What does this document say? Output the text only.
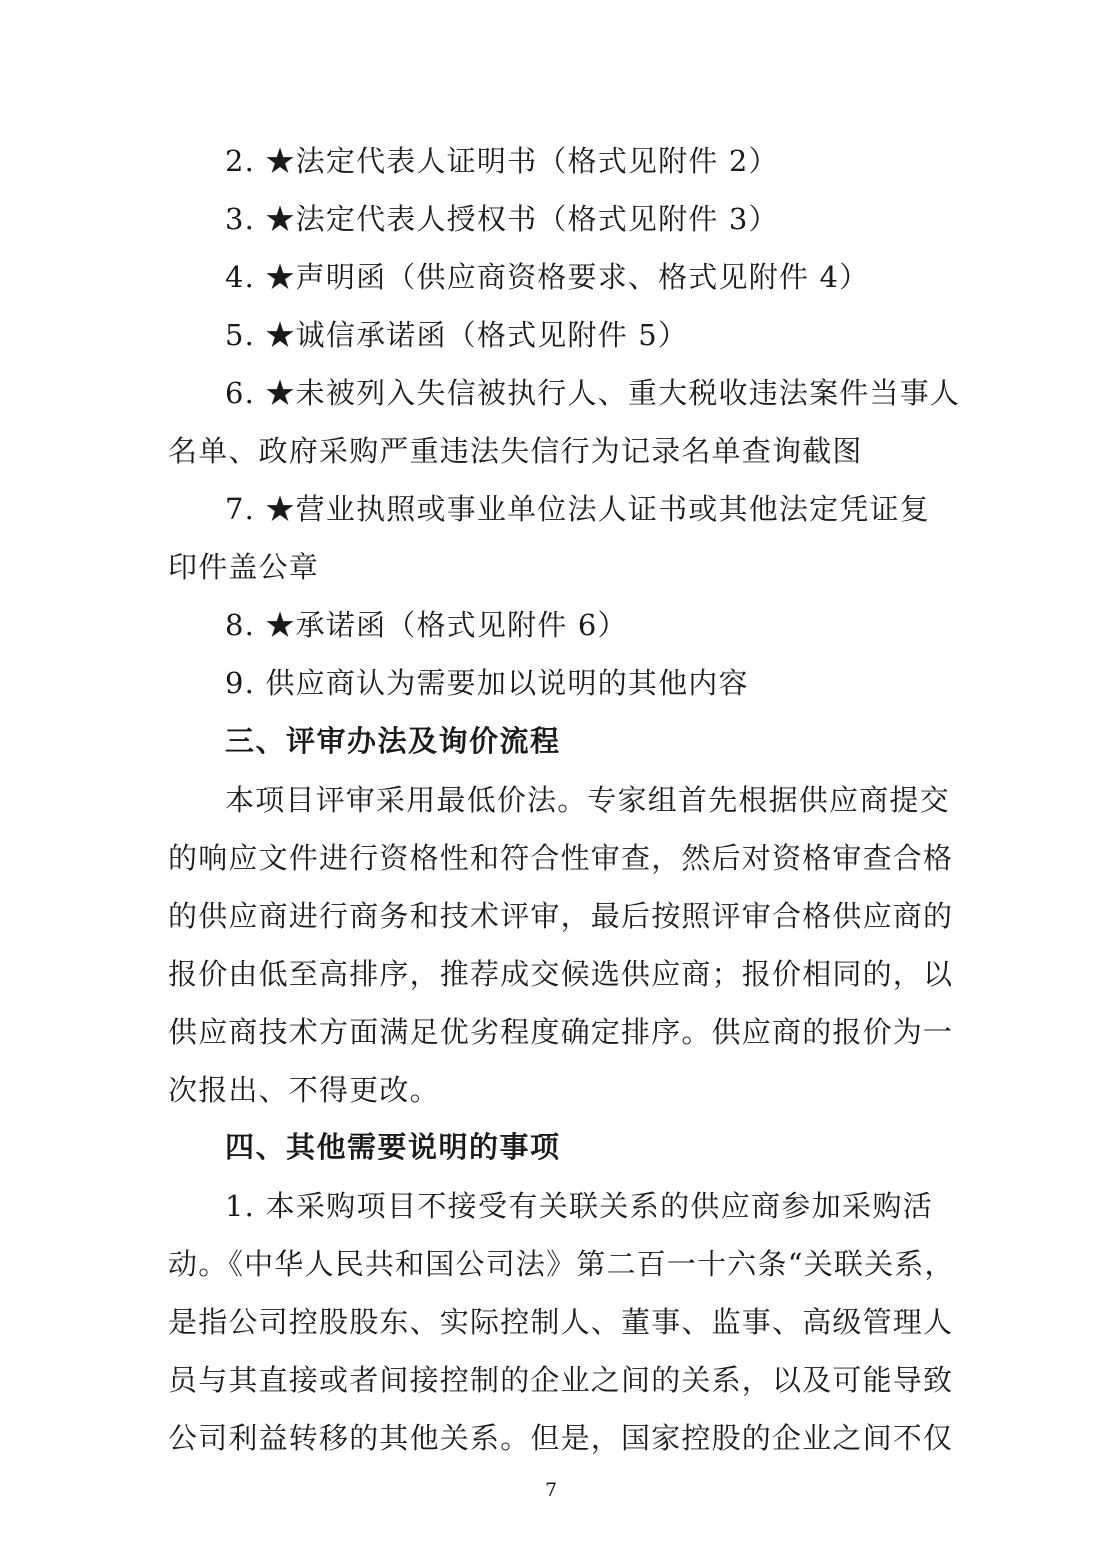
2. ★法定代表人证明书（格式见附件 2）
3. ★法定代表人授权书（格式见附件 3）
4. ★声明函（供应商资格要求、格式见附件 4）
5. ★诚信承诺函（格式见附件 5）
6. ★未被列入失信被执行人、重大税收违法案件当事人
名单、政府采购严重违法失信行为记录名单查询截图
7. ★营业执照或事业单位法人证书或其他法定凭证复
印件盖公章
8. ★承诺函（格式见附件 6）
9. 供应商认为需要加以说明的其他内容
三、评审办法及询价流程
本项目评审采用最低价法。专家组首先根据供应商提交
的响应文件进行资格性和符合性审查，然后对资格审查合格
的供应商进行商务和技术评审，最后按照评审合格供应商的
报价由低至高排序，推荐成交候选供应商；报价相同的，以
供应商技术方面满足优劣程度确定排序。供应商的报价为一
次报出、不得更改。
四、其他需要说明的事项
1. 本采购项目不接受有关联关系的供应商参加采购活
动。《中华人民共和国公司法》第二百一十六条“关联关系，
是指公司控股股东、实际控制人、董事、监事、高级管理人
员与其直接或者间接控制的企业之间的关系，以及可能导致
公司利益转移的其他关系。但是，国家控股的企业之间不仅
7
